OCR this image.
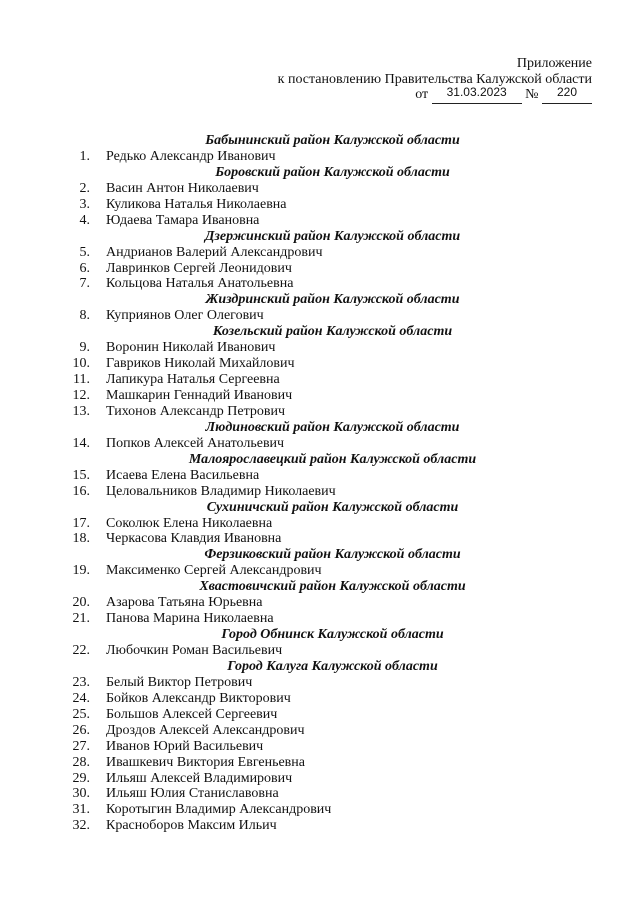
Приложение
к постановлению Правительства Калужской области
от 31.03.2023 № 220
Бабынинский район Калужской области
1. Редько Александр Иванович
Боровский район Калужской области
2. Васин Антон Николаевич
3. Куликова Наталья Николаевна
4. Юдаева Тамара Ивановна
Дзержинский район Калужской области
5. Андрианов Валерий Александрович
6. Лавринков Сергей Леонидович
7. Кольцова Наталья Анатольевна
Жиздринский район Калужской области
8. Куприянов Олег Олегович
Козельский район Калужской области
9. Воронин Николай Иванович
10. Гавриков Николай Михайлович
11. Лапикура Наталья Сергеевна
12. Машкарин Геннадий Иванович
13. Тихонов Александр Петрович
Людиновский район Калужской области
14. Попков Алексей Анатольевич
Малоярославецкий район Калужской области
15. Исаева Елена Васильевна
16. Целовальников Владимир Николаевич
Сухиничский район Калужской области
17. Соколюк Елена Николаевна
18. Черкасова Клавдия Ивановна
Ферзиковский район Калужской области
19. Максименко Сергей Александрович
Хвастовичский район Калужской области
20. Азарова Татьяна Юрьевна
21. Панова Марина Николаевна
Город Обнинск Калужской области
22. Любочкин Роман Васильевич
Город Калуга Калужской области
23. Белый Виктор Петрович
24. Бойков Александр Викторович
25. Большов Алексей Сергеевич
26. Дроздов Алексей Александрович
27. Иванов Юрий Васильевич
28. Ивашкевич Виктория Евгеньевна
29. Ильяш Алексей Владимирович
30. Ильяш Юлия Станиславовна
31. Коротыгин Владимир Александрович
32. Красноборов Максим Ильич
